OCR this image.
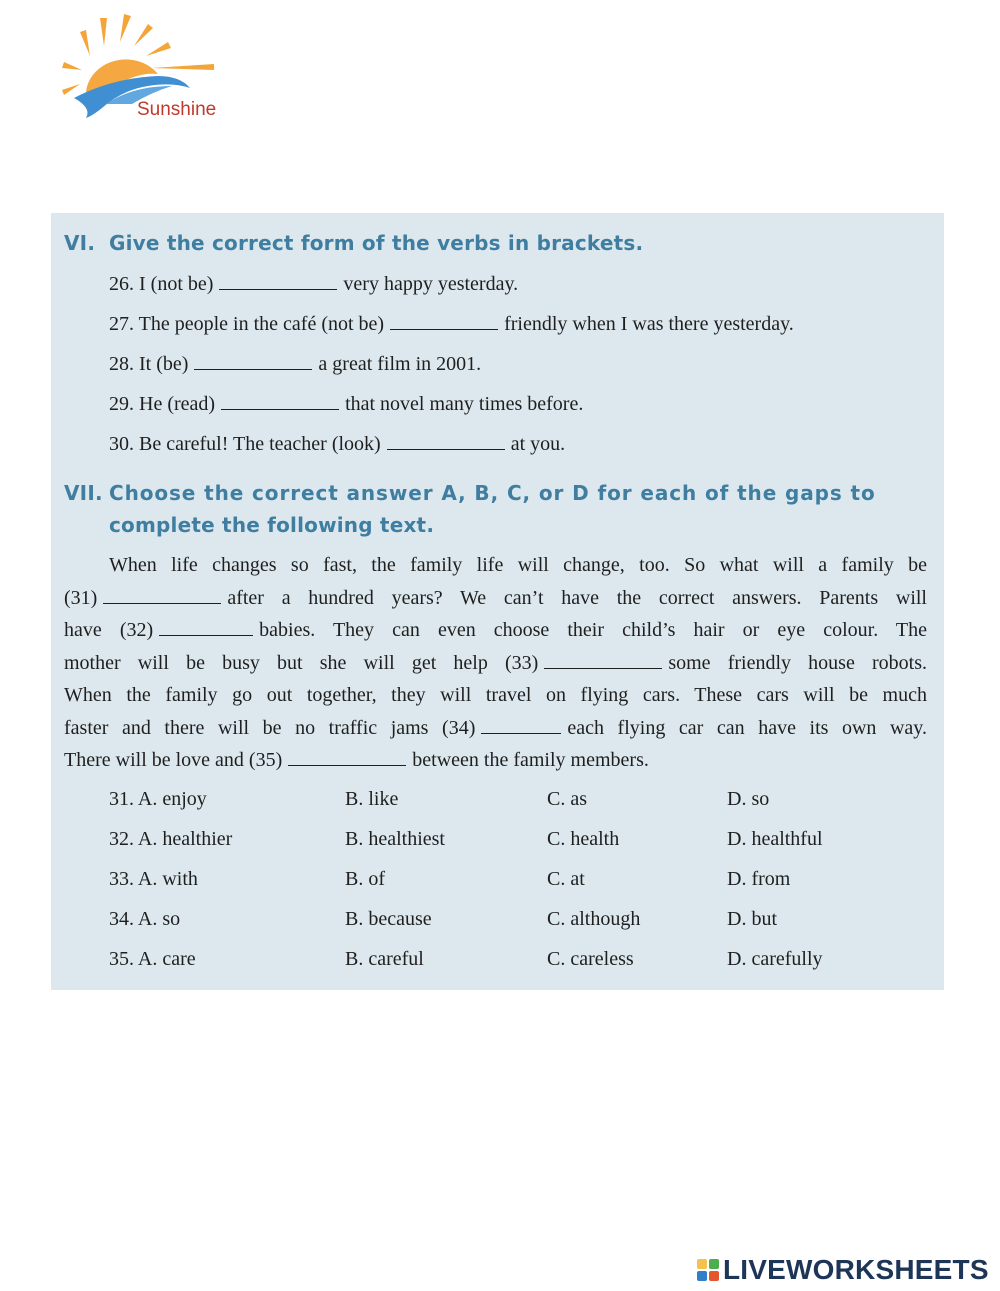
Sunshine
VI. Give the correct form of the verbs in brackets.
26. I (not be)	very happy yesterday.
27. The people in the café (not be)	friendly when I was there yesterday.
28. It (be)	a great film in 2001.
29. He (read)	that novel many times before.
30. Be careful! The teacher (look)	at you.
VII. Choose the correct answer A, B, C, or D for each of the gaps to
complete the following text.
When life changes so fast, the family life will change, too. So what will a family be
(31)	after a hundred years? We can’t have the correct answers. Parents will
have (32)	babies. They can even choose their child’s hair or eye colour. The
mother will be busy but she will get help (33)	some friendly house robots.
When the family go out together, they will travel on flying cars. These cars will be much
faster and there will be no traffic jams (34)	each flying car can have its own way.
There will be love and (35)	between the family members.
31. A. enjoy	B. like	C. as	D. so
32. A. healthier	B. healthiest	C. health	D. healthful
33. A. with	B. of	C. at	D. from
34. A. so	B. because	C. although	D. but
35. A. care	B. careful	C. careless	D. carefully
LIVEWORKSHEETS
